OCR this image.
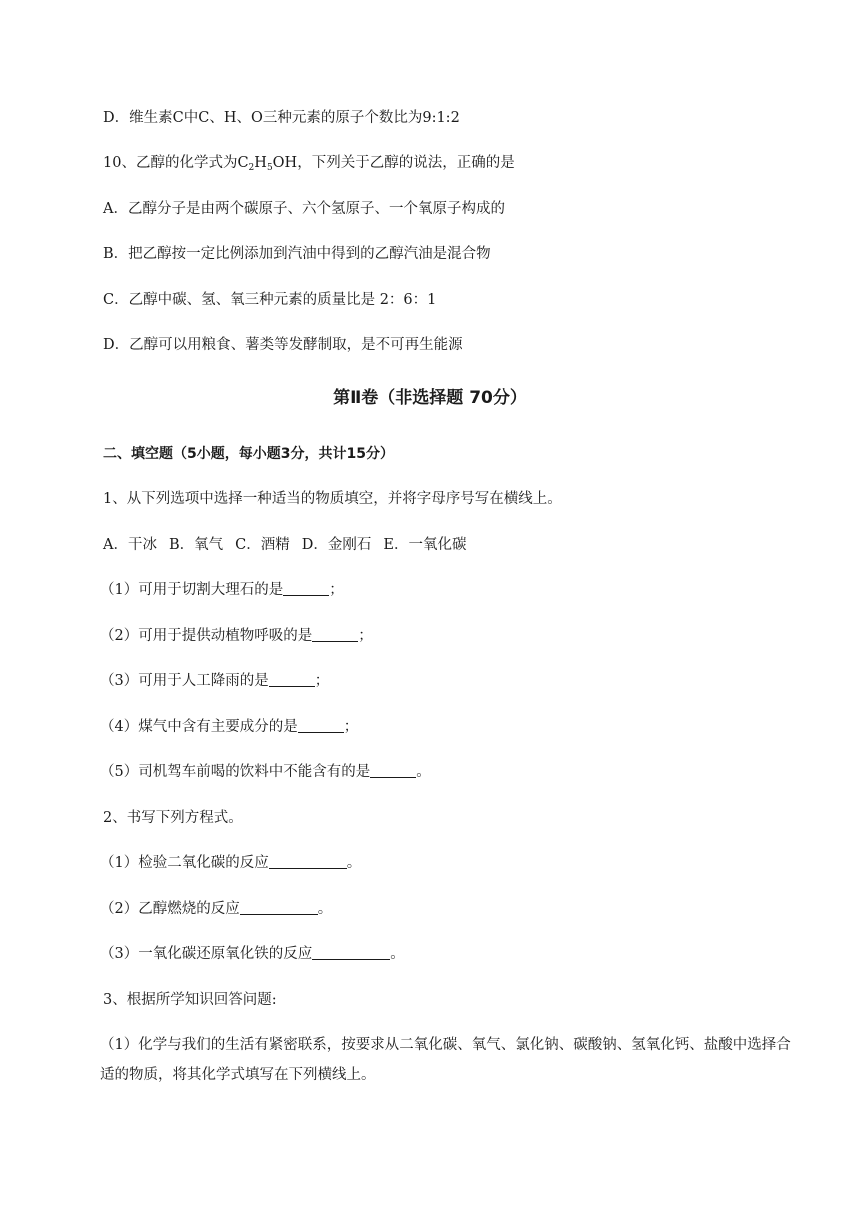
D．维生素C中C、H、O三种元素的原子个数比为9:1:2
10、乙醇的化学式为$C_2H_5OH$，下列关于乙醇的说法，正确的是
A．乙醇分子是由两个碳原子、六个氢原子、一个氧原子构成的
B．把乙醇按一定比例添加到汽油中得到的乙醇汽油是混合物
C．乙醇中碳、氢、氧三种元素的质量比是 2：6：1
D．乙醇可以用粮食、薯类等发酵制取，是不可再生能源
第Ⅱ卷（非选择题 70分）
二、填空题（5小题，每小题3分，共计15分）
1、从下列选项中选择一种适当的物质填空，并将字母序号写在横线上。
A．干冰 B．氧气 C．酒精 D．金刚石 E．一氧化碳
（1）可用于切割大理石的是	；
（2）可用于提供动植物呼吸的是	；
（3）可用于人工降雨的是	；
（4）煤气中含有主要成分的是	；
（5）司机驾车前喝的饮料中不能含有的是	。
2、书写下列方程式。
（1）检验二氧化碳的反应	。
（2）乙醇燃烧的反应	。
（3）一氧化碳还原氧化铁的反应	。
3、根据所学知识回答问题:
（1）化学与我们的生活有紧密联系，按要求从二氧化碳、氧气、氯化钠、碳酸钠、氢氧化钙、盐酸中选择合适的物质，将其化学式填写在下列横线上。
